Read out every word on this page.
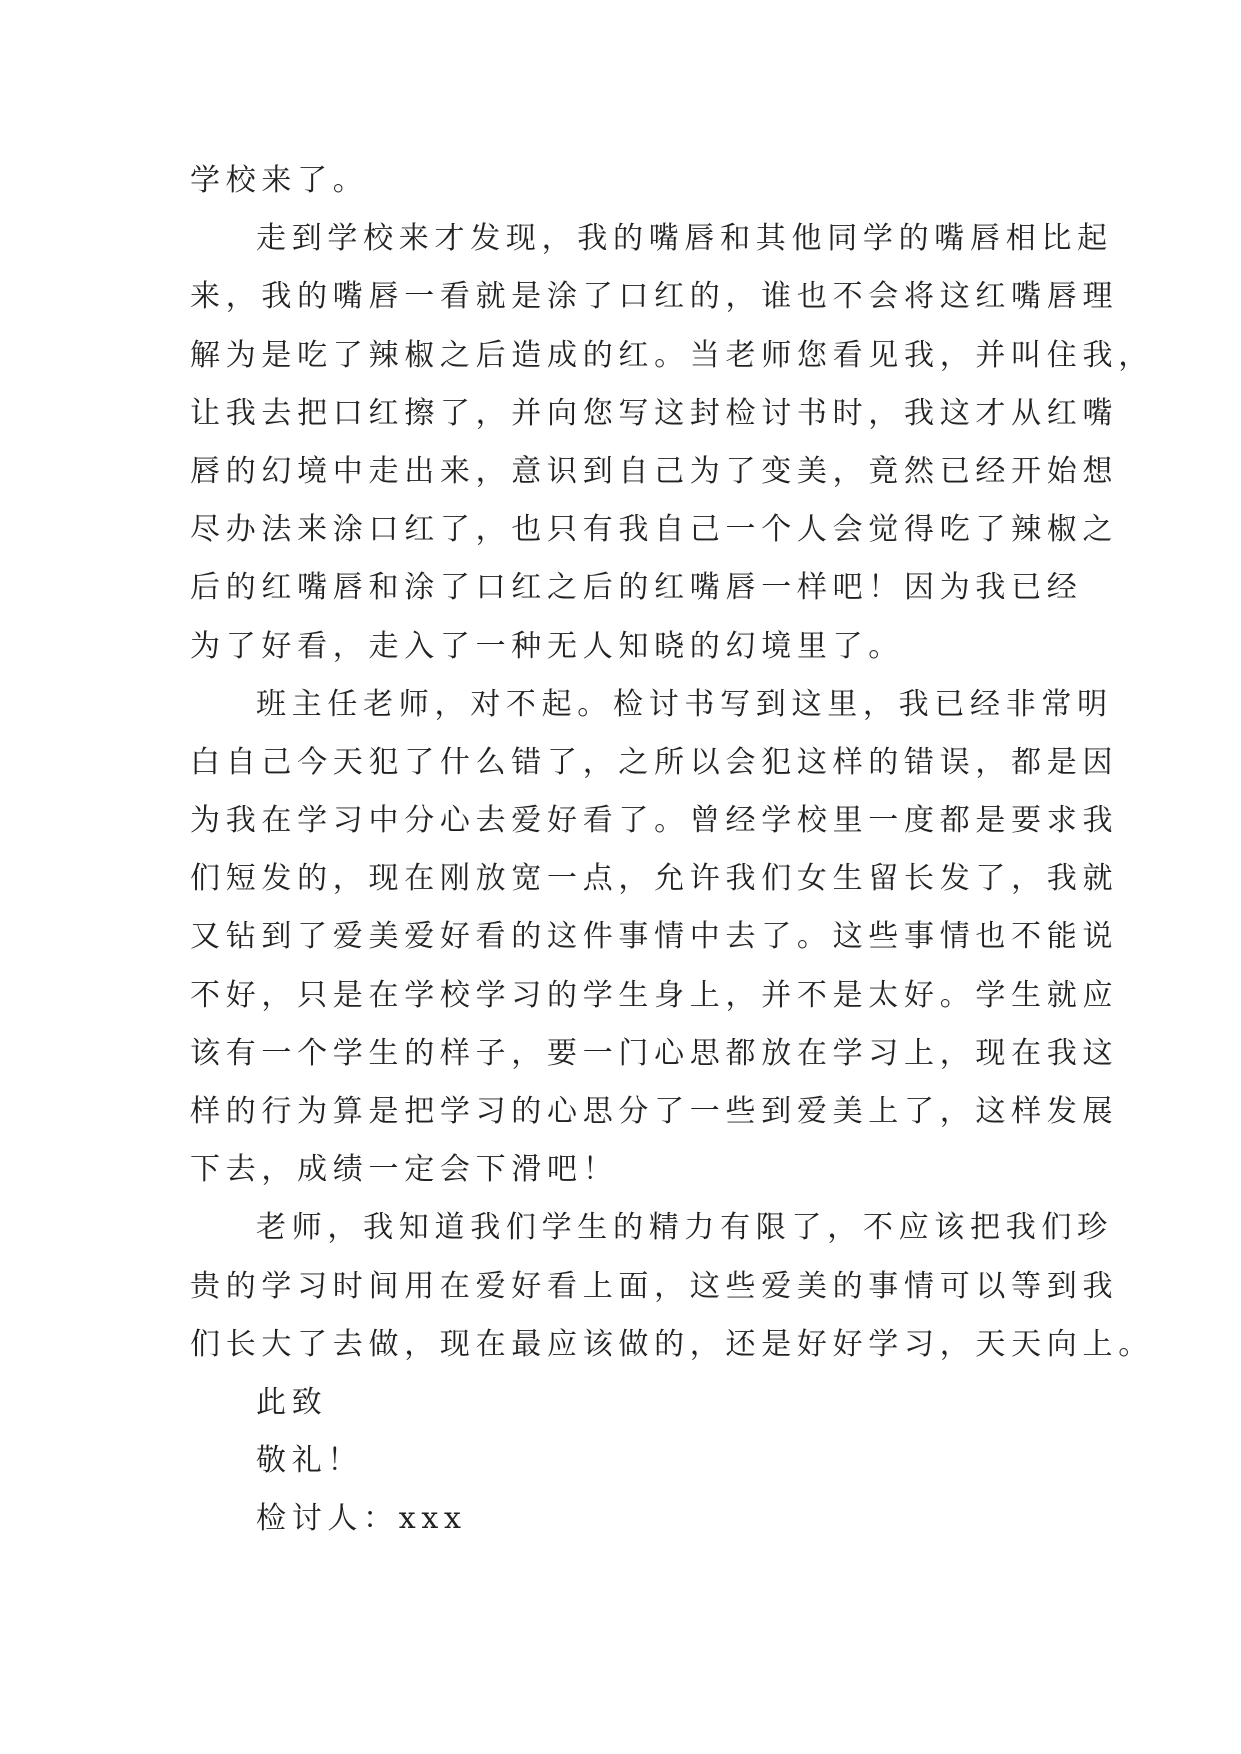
学校来了。
走到学校来才发现，我的嘴唇和其他同学的嘴唇相比起
来，我的嘴唇一看就是涂了口红的，谁也不会将这红嘴唇理
解为是吃了辣椒之后造成的红。当老师您看见我，并叫住我，
让我去把口红擦了，并向您写这封检讨书时，我这才从红嘴
唇的幻境中走出来，意识到自己为了变美，竟然已经开始想
尽办法来涂口红了，也只有我自己一个人会觉得吃了辣椒之
后的红嘴唇和涂了口红之后的红嘴唇一样吧！因为我已经
为了好看，走入了一种无人知晓的幻境里了。
班主任老师，对不起。检讨书写到这里，我已经非常明
白自己今天犯了什么错了，之所以会犯这样的错误，都是因
为我在学习中分心去爱好看了。曾经学校里一度都是要求我
们短发的，现在刚放宽一点，允许我们女生留长发了，我就
又钻到了爱美爱好看的这件事情中去了。这些事情也不能说
不好，只是在学校学习的学生身上，并不是太好。学生就应
该有一个学生的样子，要一门心思都放在学习上，现在我这
样的行为算是把学习的心思分了一些到爱美上了，这样发展
下去，成绩一定会下滑吧！
老师，我知道我们学生的精力有限了，不应该把我们珍
贵的学习时间用在爱好看上面，这些爱美的事情可以等到我
们长大了去做，现在最应该做的，还是好好学习，天天向上。
此致
敬礼！
检讨人：xxx
